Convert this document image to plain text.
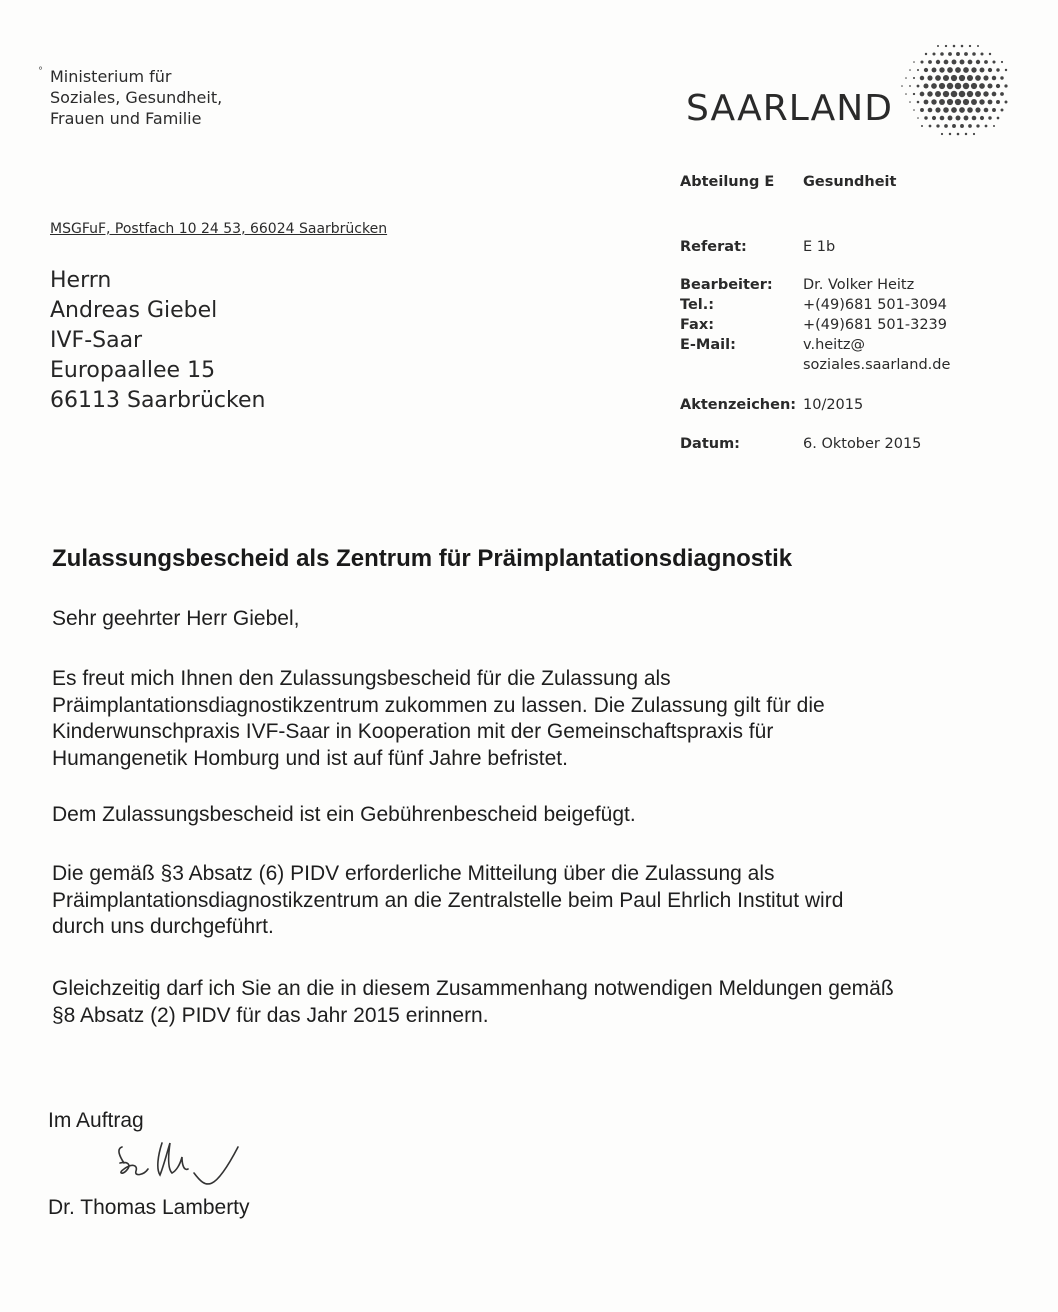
° Ministerium für
Soziales, Gesundheit,
Frauen und Familie	SAARLAND
MSGFuF, Postfach 10 24 53, 66024 Saarbrücken
Herrn
Andreas Giebel
IVF-Saar
Europaallee 15
66113 Saarbrücken
Abteilung E Gesundheit
Referat:	E 1b
Bearbeiter: Dr. Volker Heitz
Tel.:	+(49)681 501-3094
Fax:	+(49)681 501-3239
E-Mail:	v.heitz@
soziales.saarland.de
Aktenzeichen: 10/2015
Datum:	6. Oktober 2015
Zulassungsbescheid als Zentrum für Präimplantationsdiagnostik
Sehr geehrter Herr Giebel,
Es freut mich Ihnen den Zulassungsbescheid für die Zulassung als
Präimplantationsdiagnostikzentrum zukommen zu lassen. Die Zulassung gilt für die
Kinderwunschpraxis IVF-Saar in Kooperation mit der Gemeinschaftspraxis für
Humangenetik Homburg und ist auf fünf Jahre befristet.
Dem Zulassungsbescheid ist ein Gebührenbescheid beigefügt.
Die gemäß §3 Absatz (6) PIDV erforderliche Mitteilung über die Zulassung als
Präimplantationsdiagnostikzentrum an die Zentralstelle beim Paul Ehrlich Institut wird
durch uns durchgeführt.
Gleichzeitig darf ich Sie an die in diesem Zusammenhang notwendigen Meldungen gemäß
§8 Absatz (2) PIDV für das Jahr 2015 erinnern.
Im Auftrag
Dr. Thomas Lamberty
